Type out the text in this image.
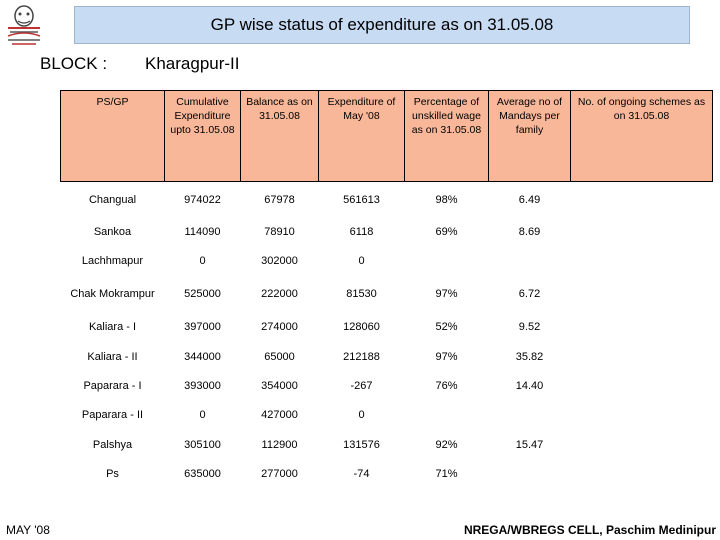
GP wise status of expenditure as on 31.05.08
BLOCK : Kharagpur-II
PS/GP	Cumulative Expenditure upto 31.05.08	Balance as on 31.05.08	Expenditure of May '08	Percentage of unskilled wage as on 31.05.08	Average no of Mandays per family	No. of ongoing schemes as on 31.05.08
Changual	974022	67978	561613	98%	6.49	
Sankoa	114090	78910	6118	69%	8.69	
Lachhmapur	0	302000	0			
Chak Mokrampur	525000	222000	81530	97%	6.72	
Kaliara - I	397000	274000	128060	52%	9.52	
Kaliara - II	344000	65000	212188	97%	35.82	
Paparara - I	393000	354000	-267	76%	14.40	
Paparara - II	0	427000	0			
Palshya	305100	112900	131576	92%	15.47	
Ps	635000	277000	-74	71%		
MAY '08	NREGA/WBREGS CELL, Paschim Medinipur
